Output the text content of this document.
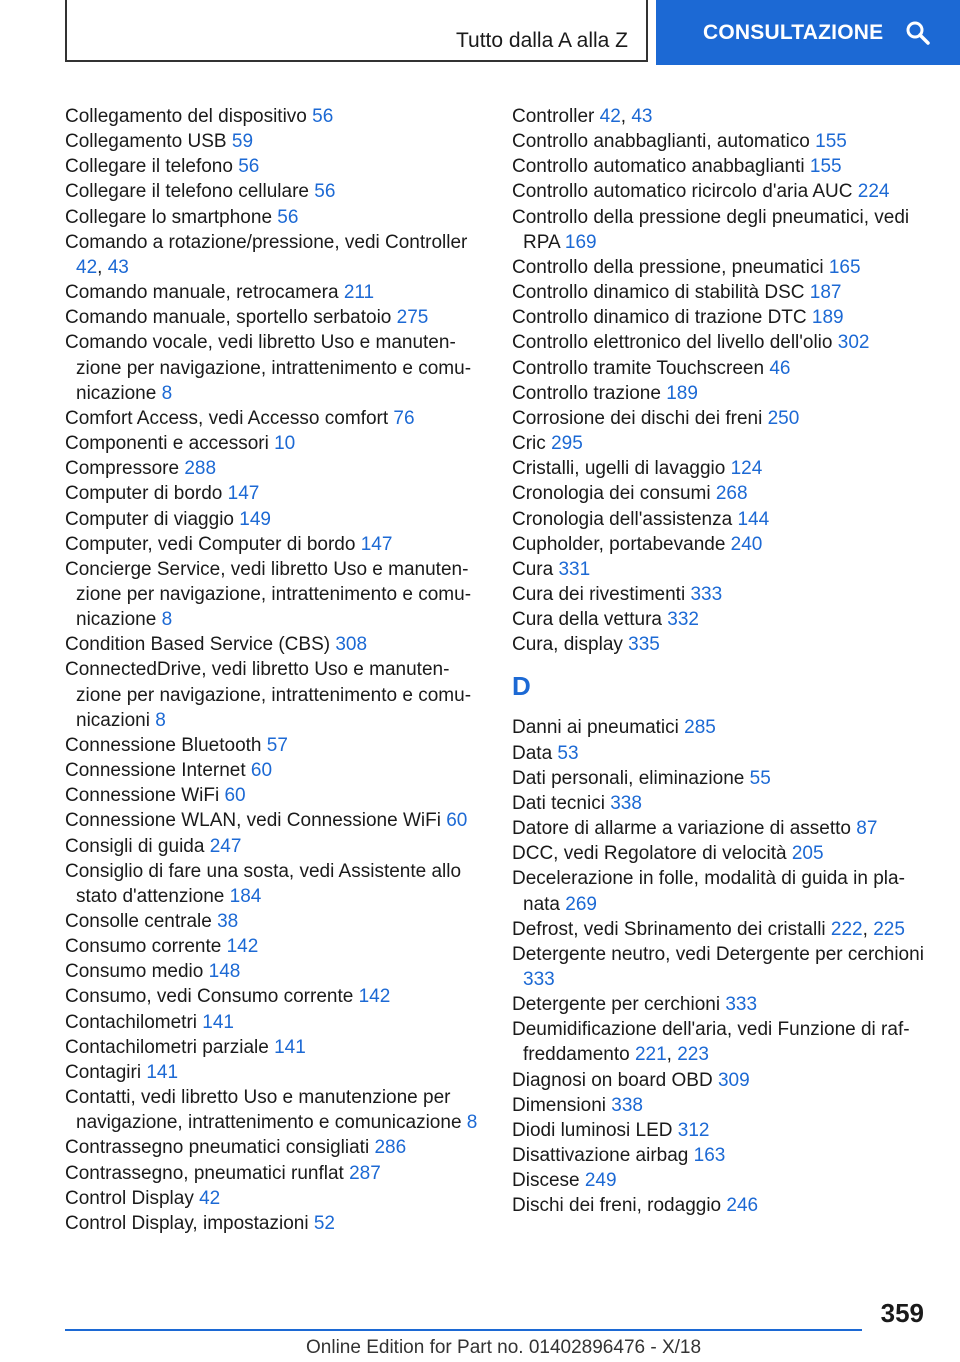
Tutto dalla A alla Z	CONSULTAZIONE
Collegamento del dispositivo 56
Collegamento USB 59
Collegare il telefono 56
Collegare il telefono cellulare 56
Collegare lo smartphone 56
Comando a rotazione/pressione, vedi Controller 42, 43
Comando manuale, retrocamera 211
Comando manuale, sportello serbatoio 275
Comando vocale, vedi libretto Uso e manutenzione per navigazione, intrattenimento e comunicazione 8
Comfort Access, vedi Accesso comfort 76
Componenti e accessori 10
Compressore 288
Computer di bordo 147
Computer di viaggio 149
Computer, vedi Computer di bordo 147
Concierge Service, vedi libretto Uso e manutenzione per navigazione, intrattenimento e comunicazione 8
Condition Based Service (CBS) 308
ConnectedDrive, vedi libretto Uso e manutenzione per navigazione, intrattenimento e comunicazioni 8
Connessione Bluetooth 57
Connessione Internet 60
Connessione WiFi 60
Connessione WLAN, vedi Connessione WiFi 60
Consigli di guida 247
Consiglio di fare una sosta, vedi Assistente allo stato d'attenzione 184
Consolle centrale 38
Consumo corrente 142
Consumo medio 148
Consumo, vedi Consumo corrente 142
Contachilometri 141
Contachilometri parziale 141
Contagiri 141
Contatti, vedi libretto Uso e manutenzione per navigazione, intrattenimento e comunicazione 8
Contrassegno pneumatici consigliati 286
Contrassegno, pneumatici runflat 287
Control Display 42
Control Display, impostazioni 52
Controller 42, 43
Controllo anabbaglianti, automatico 155
Controllo automatico anabbaglianti 155
Controllo automatico ricircolo d'aria AUC 224
Controllo della pressione degli pneumatici, vedi RPA 169
Controllo della pressione, pneumatici 165
Controllo dinamico di stabilità DSC 187
Controllo dinamico di trazione DTC 189
Controllo elettronico del livello dell'olio 302
Controllo tramite Touchscreen 46
Controllo trazione 189
Corrosione dei dischi dei freni 250
Cric 295
Cristalli, ugelli di lavaggio 124
Cronologia dei consumi 268
Cronologia dell'assistenza 144
Cupholder, portabevande 240
Cura 331
Cura dei rivestimenti 333
Cura della vettura 332
Cura, display 335
D
Danni ai pneumatici 285
Data 53
Dati personali, eliminazione 55
Dati tecnici 338
Datore di allarme a variazione di assetto 87
DCC, vedi Regolatore di velocità 205
Decelerazione in folle, modalità di guida in planata 269
Defrost, vedi Sbrinamento dei cristalli 222, 225
Detergente neutro, vedi Detergente per cerchioni 333
Detergente per cerchioni 333
Deumidificazione dell'aria, vedi Funzione di raffreddamento 221, 223
Diagnosi on board OBD 309
Dimensioni 338
Diodi luminosi LED 312
Disattivazione airbag 163
Discese 249
Dischi dei freni, rodaggio 246
359
Online Edition for Part no. 01402896476 - X/18
